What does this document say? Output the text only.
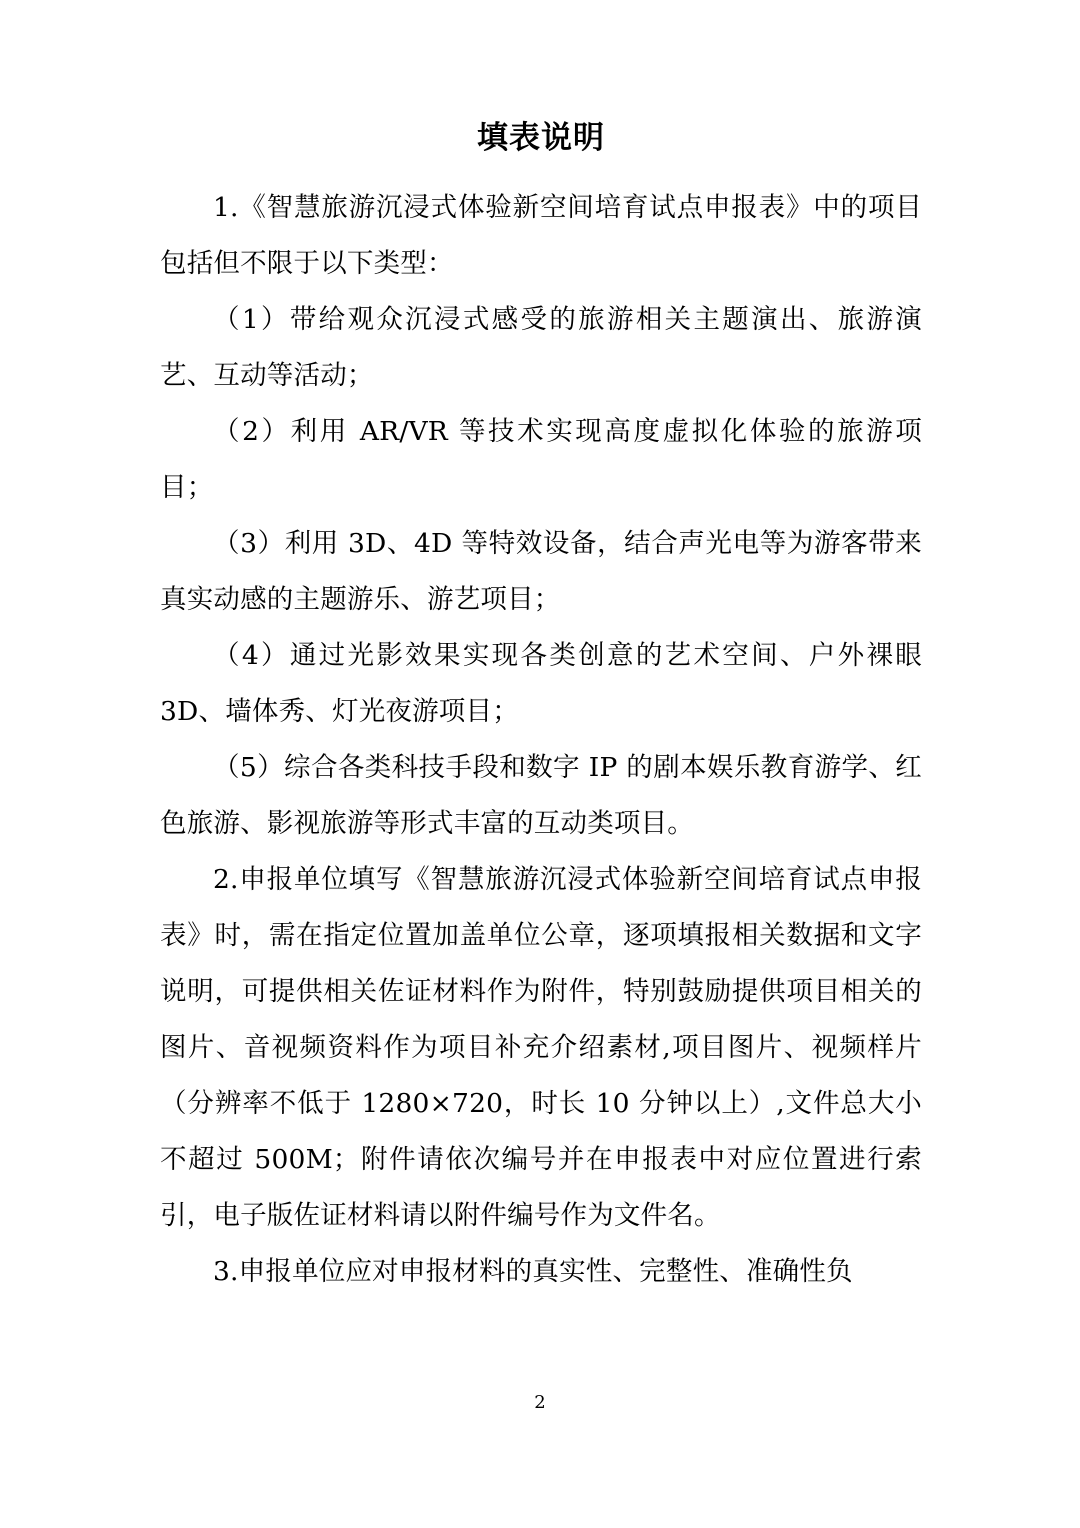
填表说明

1.《智慧旅游沉浸式体验新空间培育试点申报表》中的项目包括但不限于以下类型：

（1）带给观众沉浸式感受的旅游相关主题演出、旅游演艺、互动等活动；

（2）利用 AR/VR 等技术实现高度虚拟化体验的旅游项目；

（3）利用 3D、4D 等特效设备，结合声光电等为游客带来真实动感的主题游乐、游艺项目；

（4）通过光影效果实现各类创意的艺术空间、户外裸眼 3D、墙体秀、灯光夜游项目；

（5）综合各类科技手段和数字 IP 的剧本娱乐教育游学、红色旅游、影视旅游等形式丰富的互动类项目。

2.申报单位填写《智慧旅游沉浸式体验新空间培育试点申报表》时，需在指定位置加盖单位公章，逐项填报相关数据和文字说明，可提供相关佐证材料作为附件，特别鼓励提供项目相关的图片、音视频资料作为项目补充介绍素材,项目图片、视频样片（分辨率不低于 1280×720，时长 10 分钟以上）,文件总大小不超过 500M；附件请依次编号并在申报表中对应位置进行索引，电子版佐证材料请以附件编号作为文件名。

3.申报单位应对申报材料的真实性、完整性、准确性负

2
